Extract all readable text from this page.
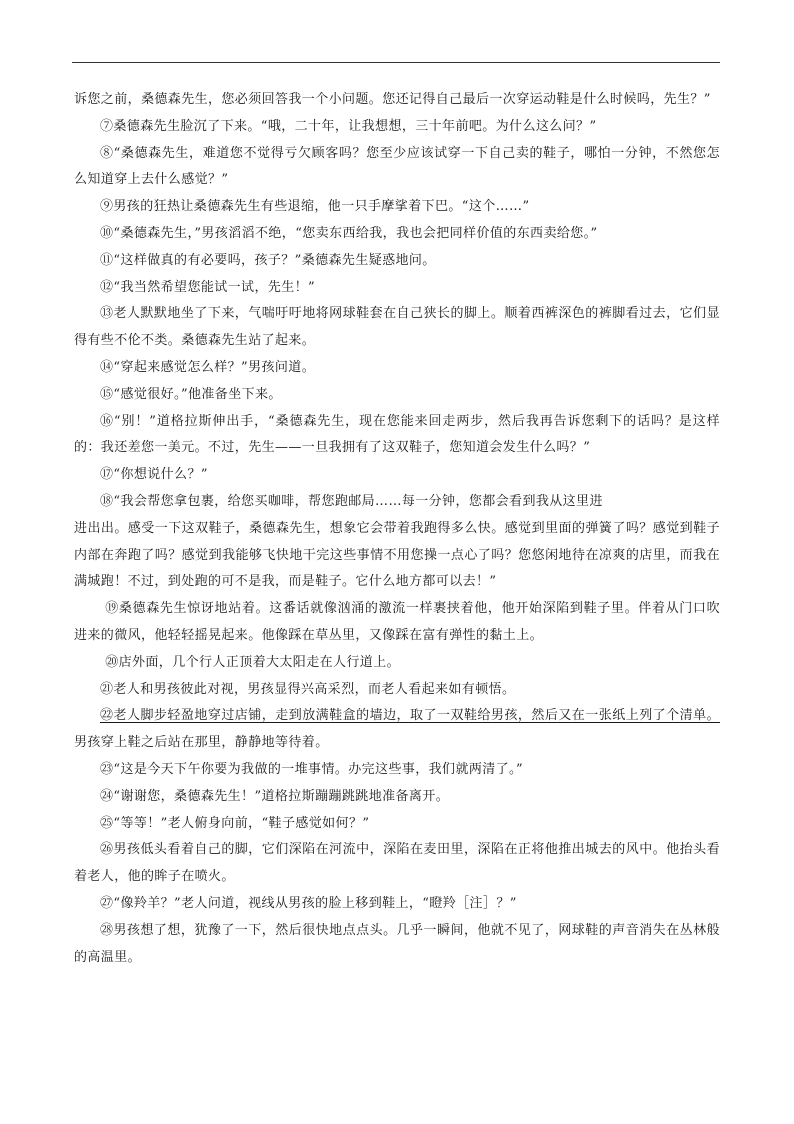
诉您之前，桑德森先生，您必须回答我一个小问题。您还记得自己最后一次穿运动鞋是什么时候吗，先生？”

⑦桑德森先生脸沉了下来。“哦，二十年，让我想想，三十年前吧。为什么这么问？”

⑧“桑德森先生，难道您不觉得亏欠顾客吗？您至少应该试穿一下自己卖的鞋子，哪怕一分钟，不然您怎么知道穿上去什么感觉？”

⑨男孩的狂热让桑德森先生有些退缩，他一只手摩挲着下巴。“这个……”

⑩“桑德森先生，”男孩滔滔不绝，“您卖东西给我，我也会把同样价值的东西卖给您。”

⑪“这样做真的有必要吗，孩子？”桑德森先生疑惑地问。

⑫“我当然希望您能试一试，先生！”

⑬老人默默地坐了下来，气喘吁吁地将网球鞋套在自己狭长的脚上。顺着西裤深色的裤脚看过去，它们显得有些不伦不类。桑德森先生站了起来。

⑭“穿起来感觉怎么样？”男孩问道。

⑮“感觉很好。”他准备坐下来。

⑯“别！”道格拉斯伸出手，“桑德森先生，现在您能来回走两步，然后我再告诉您剩下的话吗？是这样的：我还差您一美元。不过，先生——一旦我拥有了这双鞋子，您知道会发生什么吗？”

⑰“你想说什么？”

⑱“我会帮您拿包裹，给您买咖啡，帮您跑邮局……每一分钟，您都会看到我从这里进

进出出。感受一下这双鞋子，桑德森先生，想象它会带着我跑得多么快。感觉到里面的弹簧了吗？感觉到鞋子内部在奔跑了吗？感觉到我能够飞快地干完这些事情不用您操一点心了吗？您悠闲地待在凉爽的店里，而我在满城跑！不过，到处跑的可不是我，而是鞋子。它什么地方都可以去！”

⑲桑德森先生惊讶地站着。这番话就像汹涌的激流一样裹挟着他，他开始深陷到鞋子里。伴着从门口吹进来的微风，他轻轻摇晃起来。他像踩在草丛里，又像踩在富有弹性的黏土上。

⑳店外面，几个行人正顶着大太阳走在人行道上。

㉑老人和男孩彼此对视，男孩显得兴高采烈，而老人看起来如有顿悟。

㉒老人脚步轻盈地穿过店铺，走到放满鞋盒的墙边，取了一双鞋给男孩，然后又在一张纸上列了个清单。男孩穿上鞋之后站在那里，静静地等待着。

㉓“这是今天下午你要为我做的一堆事情。办完这些事，我们就两清了。”

㉔“谢谢您，桑德森先生！”道格拉斯蹦蹦跳跳地准备离开。

㉕“等等！”老人俯身向前，“鞋子感觉如何？”

㉖男孩低头看着自己的脚，它们深陷在河流中，深陷在麦田里，深陷在正将他推出城去的风中。他抬头看着老人，他的眸子在喷火。

㉗“像羚羊？”老人问道，视线从男孩的脸上移到鞋上，“瞪羚［注］？”

㉘男孩想了想，犹豫了一下，然后很快地点点头。几乎一瞬间，他就不见了，网球鞋的声音消失在丛林般的高温里。
